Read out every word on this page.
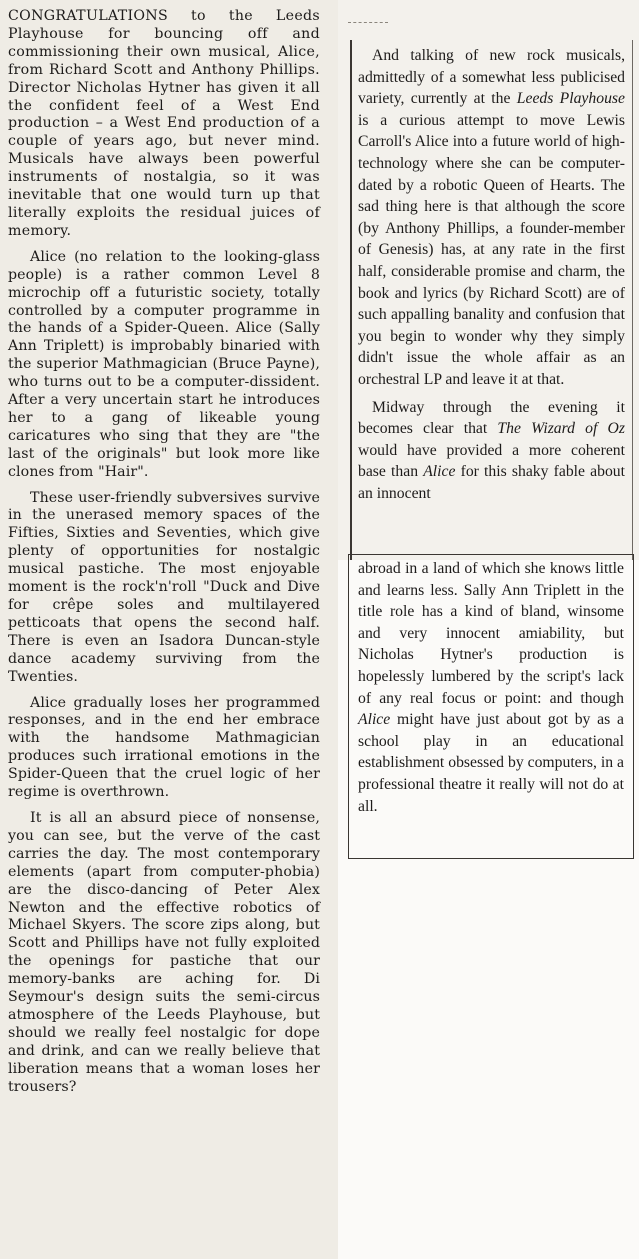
CONGRATULATIONS to the Leeds Playhouse for bouncing off and commissioning their own musical, Alice, from Richard Scott and Anthony Phillips. Director Nicholas Hytner has given it all the confident feel of a West End production – a West End production of a couple of years ago, but never mind. Musicals have always been powerful instruments of nostalgia, so it was inevitable that one would turn up that literally exploits the residual juices of memory.

Alice (no relation to the looking-glass people) is a rather common Level 8 microchip off a futuristic society, totally controlled by a computer programme in the hands of a Spider-Queen. Alice (Sally Ann Triplett) is improbably binaried with the superior Mathmagician (Bruce Payne), who turns out to be a computer-dissident. After a very uncertain start he introduces her to a gang of likeable young caricatures who sing that they are "the last of the originals" but look more like clones from "Hair".

These user-friendly subversives survive in the unerased memory spaces of the Fifties, Sixties and Seventies, which give plenty of opportunities for nostalgic musical pastiche. The most enjoyable moment is the rock'n'roll "Duck and Dive for crêpe soles and multilayered petticoats that opens the second half. There is even an Isadora Duncan-style dance academy surviving from the Twenties.

Alice gradually loses her programmed responses, and in the end her embrace with the handsome Mathmagician produces such irrational emotions in the Spider-Queen that the cruel logic of her regime is overthrown.

It is all an absurd piece of nonsense, you can see, but the verve of the cast carries the day. The most contemporary elements (apart from computer-phobia) are the disco-dancing of Peter Alex Newton and the effective robotics of Michael Skyers. The score zips along, but Scott and Phillips have not fully exploited the openings for pastiche that our memory-banks are aching for. Di Seymour's design suits the semi-circus atmosphere of the Leeds Playhouse, but should we really feel nostalgic for dope and drink, and can we really believe that liberation means that a woman loses her trousers?

And talking of new rock musicals, admittedly of a somewhat less publicised variety, currently at the Leeds Playhouse is a curious attempt to move Lewis Carroll's Alice into a future world of high-technology where she can be computer-dated by a robotic Queen of Hearts. The sad thing here is that although the score (by Anthony Phillips, a founder-member of Genesis) has, at any rate in the first half, considerable promise and charm, the book and lyrics (by Richard Scott) are of such appalling banality and confusion that you begin to wonder why they simply didn't issue the whole affair as an orchestral LP and leave it at that.

Midway through the evening it becomes clear that The Wizard of Oz would have provided a more coherent base than Alice for this shaky fable about an innocent

abroad in a land of which she knows little and learns less. Sally Ann Triplett in the title role has a kind of bland, winsome and very innocent amiability, but Nicholas Hytner's production is hopelessly lumbered by the script's lack of any real focus or point: and though Alice might have just about got by as a school play in an educational establishment obsessed by computers, in a professional theatre it really will not do at all.
